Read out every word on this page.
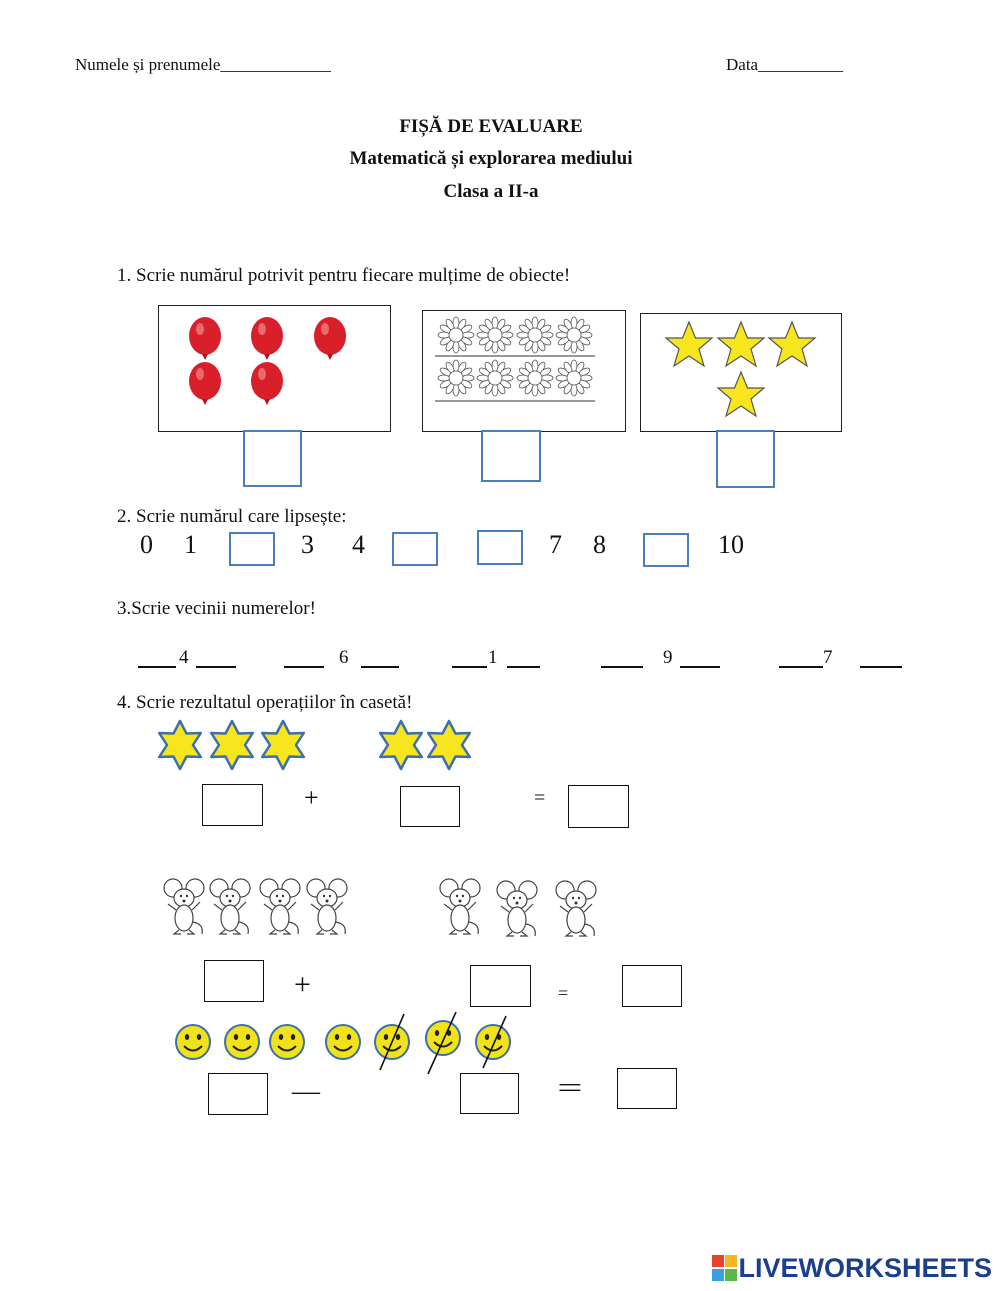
Numele și prenumele_____________	Data__________
FIȘĂ DE EVALUARE
Matematică și explorarea mediului
Clasa a II-a
1. Scrie numărul potrivit pentru fiecare mulțime de obiecte!
2. Scrie numărul care lipsește:
0 1	3 4	7 8	10
3.Scrie vecinii numerelor!
4	6	1	9	7
4. Scrie rezultatul operațiilor în casetă!
+	=
+	=
—	=
LIVEWORKSHEETS
